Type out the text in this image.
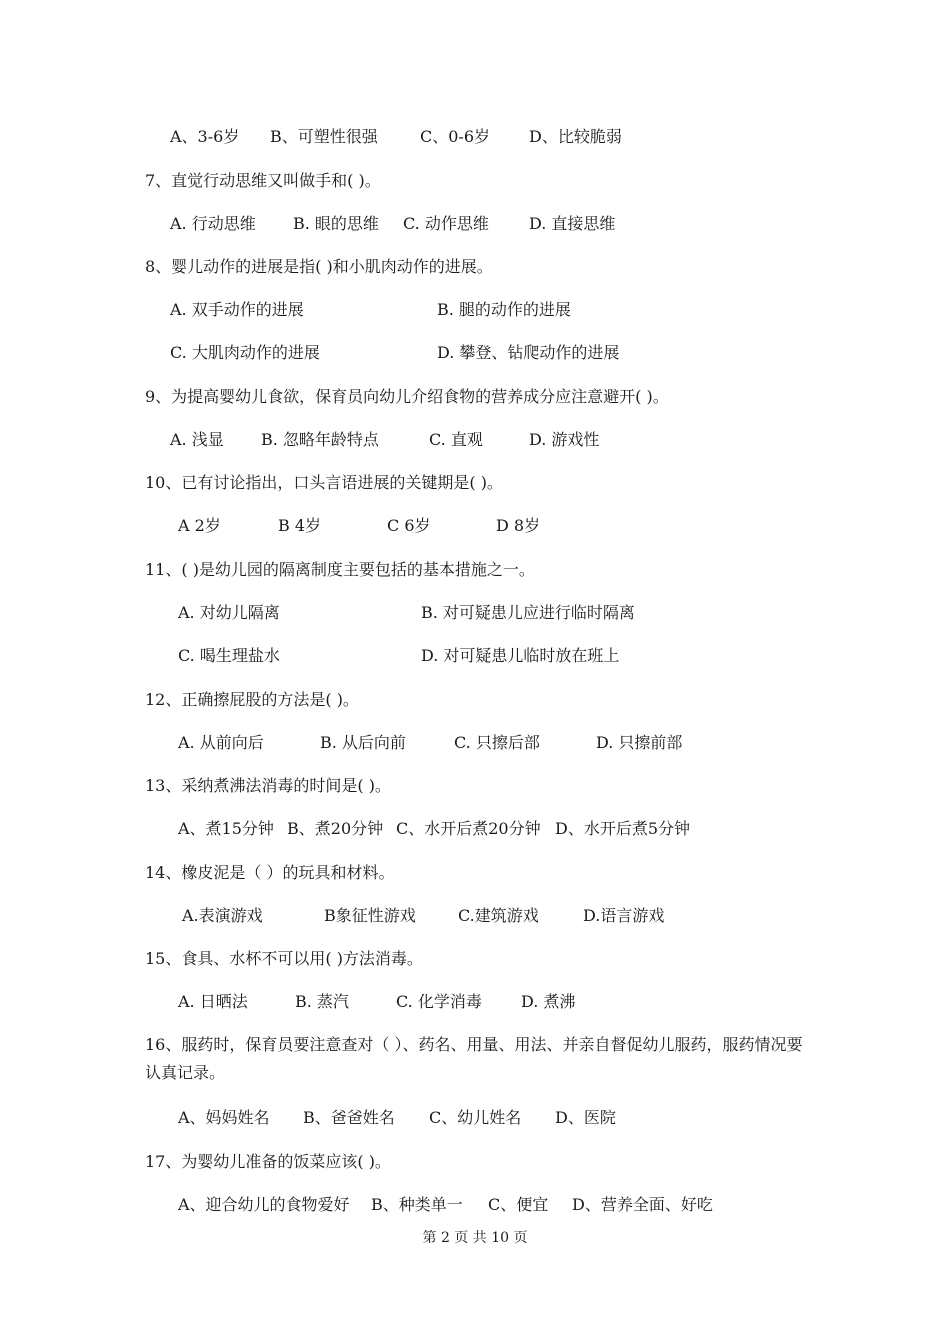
A、3-6岁 B、可塑性很强	C、0-6岁 D、比较脆弱
7、直觉行动思维又叫做手和( )。
A. 行动思维 B. 眼的思维 C. 动作思维	D. 直接思维
8、婴儿动作的进展是指( )和小肌肉动作的进展。
A. 双手动作的进展	B. 腿的动作的进展
C. 大肌肉动作的进展	D. 攀登、钻爬动作的进展
9、为提高婴幼儿食欲，保育员向幼儿介绍食物的营养成分应注意避开( )。
A. 浅显 B. 忽略年龄特点	C. 直观	D. 游戏性
10、已有讨论指出，口头言语进展的关键期是( )。
A 2岁	B 4岁	C 6岁	D 8岁
11、( )是幼儿园的隔离制度主要包括的基本措施之一。
A. 对幼儿隔离	B. 对可疑患儿应进行临时隔离
C. 喝生理盐水	D. 对可疑患儿临时放在班上
12、正确擦屁股的方法是( )。
A. 从前向后	B. 从后向前	C. 只擦后部	D. 只擦前部
13、采纳煮沸法消毒的时间是( )。
A、煮15分钟 B、煮20分钟 C、水开后煮20分钟 D、水开后煮5分钟
14、橡皮泥是（ ）的玩具和材料。
A.表演游戏	B象征性游戏	C.建筑游戏	D.语言游戏
15、食具、水杯不可以用( )方法消毒。
A. 日晒法	B. 蒸汽	C. 化学消毒 D. 煮沸
16、服药时，保育员要注意查对（ ）、药名、用量、用法、并亲自督促幼儿服药，服药情况要认真记录。
A、妈妈姓名 B、爸爸姓名 C、幼儿姓名 D、医院
17、为婴幼儿准备的饭菜应该( )。
A、迎合幼儿的食物爱好 B、种类单一 C、便宜 D、营养全面、好吃
第 2 页 共 10 页
